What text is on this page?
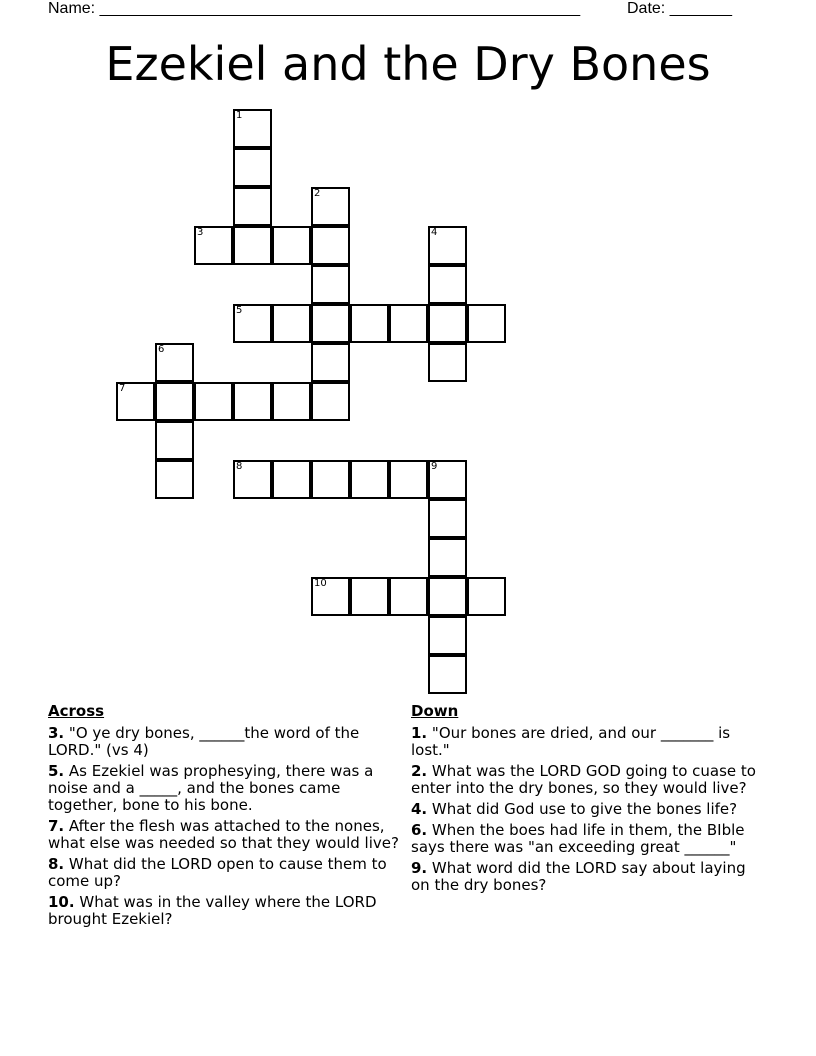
Name: ______________________________________________________	Date: _______
Ezekiel and the Dry Bones
1
2
3	4
5
6
7
8	9
10
Across
3. "O ye dry bones, ______the word of the LORD." (vs 4)
5. As Ezekiel was prophesying, there was a noise and a _____, and the bones came together, bone to his bone.
7. After the flesh was attached to the nones, what else was needed so that they would live?
8. What did the LORD open to cause them to come up?
10. What was in the valley where the LORD brought Ezekiel?
Down
1. "Our bones are dried, and our _______ is lost."
2. What was the LORD GOD going to cuase to enter into the dry bones, so they would live?
4. What did God use to give the bones life?
6. When the boes had life in them, the BIble says there was "an exceeding great ______"
9. What word did the LORD say about laying on the dry bones?
